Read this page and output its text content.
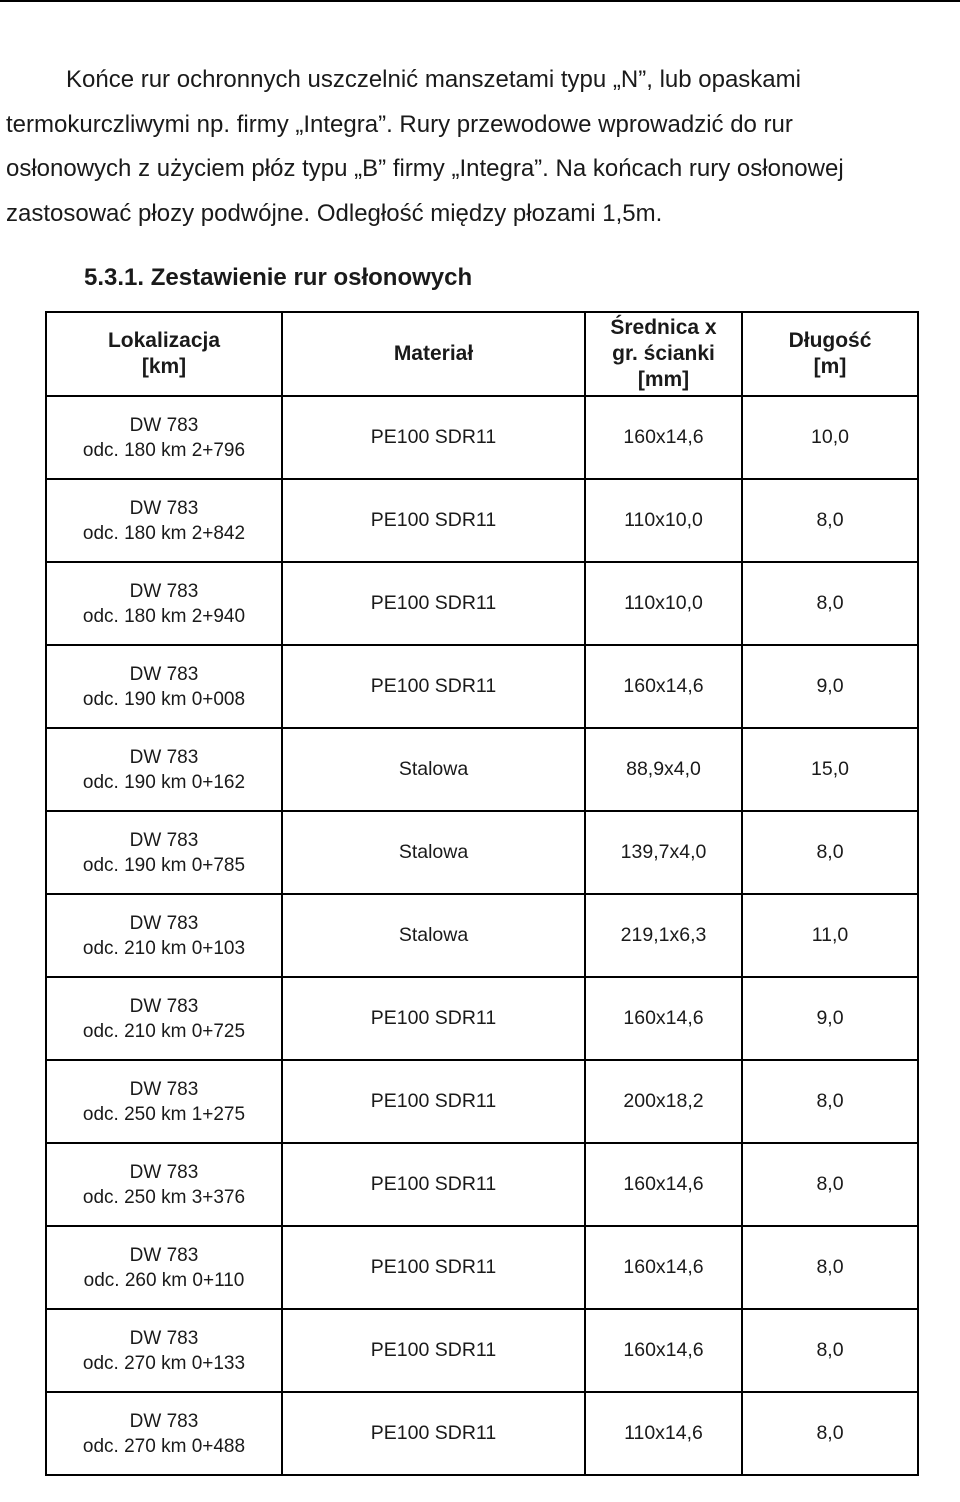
Końce rur ochronnych uszczelnić manszetami typu „N”, lub opaskami
termokurczliwymi np. firmy „Integra”. Rury przewodowe wprowadzić do rur
osłonowych z użyciem płóz typu „B” firmy „Integra”. Na końcach rury osłonowej
zastosować płozy podwójne. Odległość między płozami 1,5m.
5.3.1. Zestawienie rur osłonowych
Lokalizacja
[km]	Materiał	Średnica x
gr. ścianki
[mm]	Długość
[m]

DW 783
odc. 180 km 2+796	PE100 SDR11	160x14,6	10,0

DW 783
odc. 180 km 2+842	PE100 SDR11	110x10,0	8,0

DW 783
odc. 180 km 2+940	PE100 SDR11	110x10,0	8,0

DW 783
odc. 190 km 0+008	PE100 SDR11	160x14,6	9,0

DW 783
odc. 190 km 0+162	Stalowa	88,9x4,0	15,0

DW 783
odc. 190 km 0+785	Stalowa	139,7x4,0	8,0

DW 783
odc. 210 km 0+103	Stalowa	219,1x6,3	11,0

DW 783
odc. 210 km 0+725	PE100 SDR11	160x14,6	9,0

DW 783
odc. 250 km 1+275	PE100 SDR11	200x18,2	8,0

DW 783
odc. 250 km 3+376	PE100 SDR11	160x14,6	8,0

DW 783
odc. 260 km 0+110	PE100 SDR11	160x14,6	8,0

DW 783
odc. 270 km 0+133	PE100 SDR11	160x14,6	8,0

DW 783
odc. 270 km 0+488	PE100 SDR11	110x14,6	8,0
